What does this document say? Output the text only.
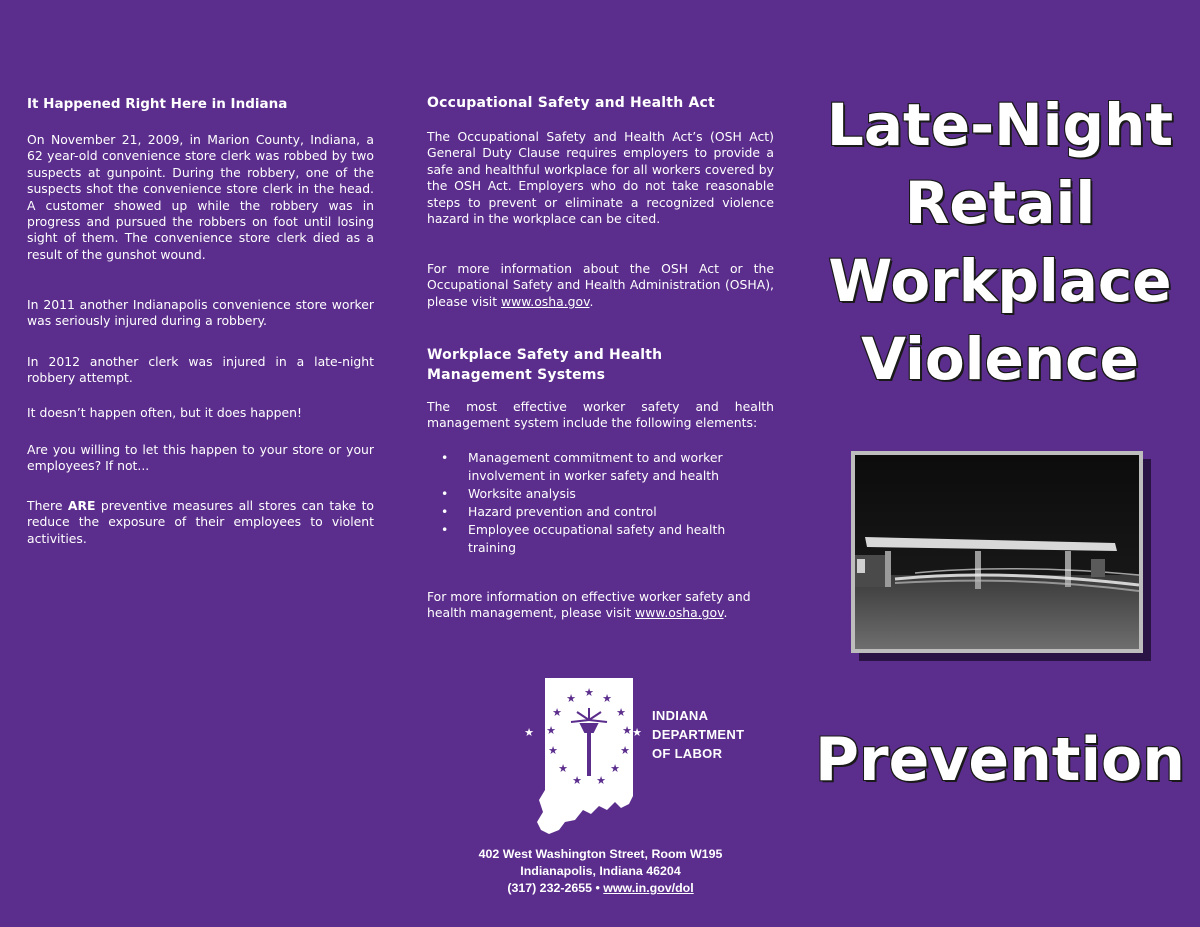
It Happened Right Here in Indiana

On November 21, 2009, in Marion County, Indiana, a 62 year-old convenience store clerk was robbed by two suspects at gunpoint. During the robbery, one of the suspects shot the convenience store clerk in the head. A customer showed up while the robbery was in progress and pursued the robbers on foot until losing sight of them. The convenience store clerk died as a result of the gunshot wound.

In 2011 another Indianapolis convenience store worker was seriously injured during a robbery.

In 2012 another clerk was injured in a late-night robbery attempt.

It doesn’t happen often, but it does happen!

Are you willing to let this happen to your store or your employees? If not...

There ARE preventive measures all stores can take to reduce the exposure of their employees to violent activities.

Occupational Safety and Health Act

The Occupational Safety and Health Act’s (OSH Act) General Duty Clause requires employers to provide a safe and healthful workplace for all workers covered by the OSH Act. Employers who do not take reasonable steps to prevent or eliminate a recognized violence hazard in the workplace can be cited.

For more information about the OSH Act or the Occupational Safety and Health Administration (OSHA), please visit www.osha.gov.

Workplace Safety and Health
Management Systems

The most effective worker safety and health management system include the following elements:

• Management commitment to and worker involvement in worker safety and health
• Worksite analysis
• Hazard prevention and control
• Employee occupational safety and health training

For more information on effective worker safety and health management, please visit www.osha.gov.

★
★ ★
★	★
★	★
★	★
★	★
★ ★
★
★
INDIANA
DEPARTMENT
OF LABOR
402 West Washington Street, Room W195
Indianapolis, Indiana 46204
(317) 232-2655 • www.in.gov/dol
Late-Night
Retail
Workplace
Violence
Prevention
